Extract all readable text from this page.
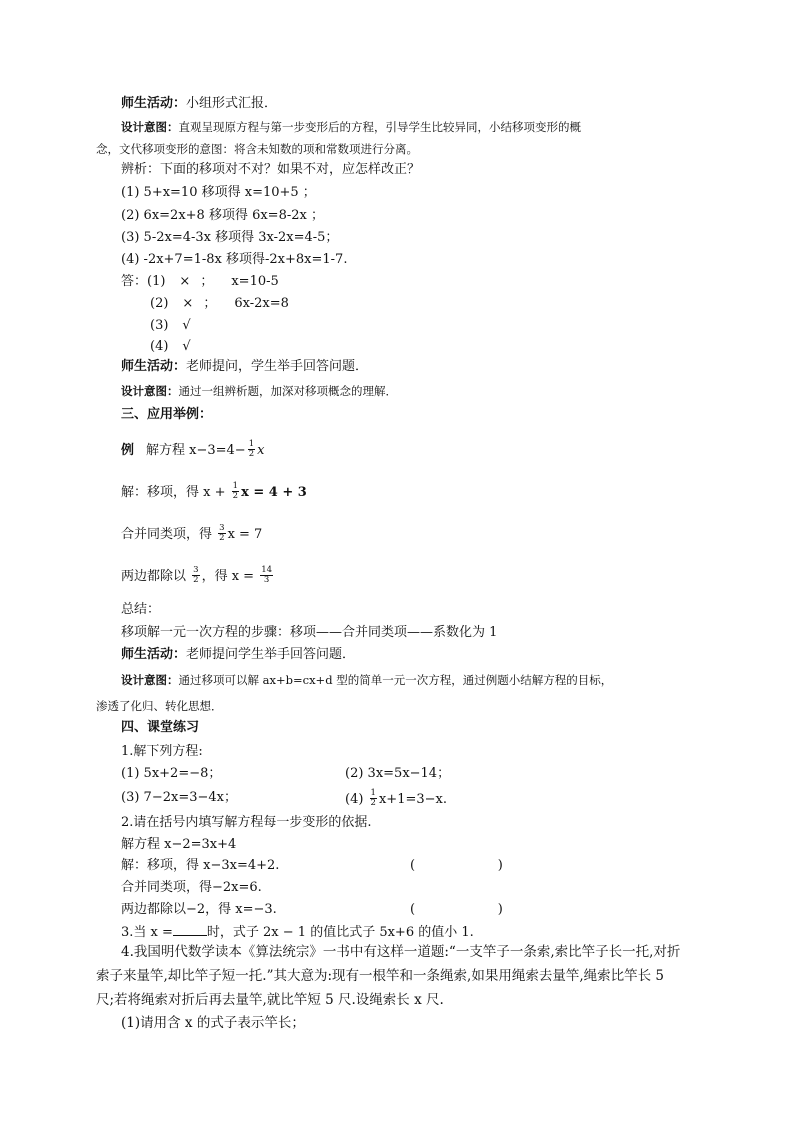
师生活动：小组形式汇报．
设计意图：直观呈现原方程与第一步变形后的方程，引导学生比较异同，小结移项变形的概
念，文代移项变形的意图：将含未知数的项和常数项进行分离。
辨析：下面的移项对不对？如果不对，应怎样改正？
(1) 5+x=10 移项得 x=10+5 ；
(2) 6x=2x+8 移项得 6x=8-2x ；
(3) 5-2x=4-3x 移项得 3x-2x=4-5；
(4) -2x+7=1-8x 移项得-2x+8x=1-7.
答：(1) × ； x=10-5
(2) × ； 6x-2x=8
(3) √
(4) √
师生活动：老师提问，学生举手回答问题．
设计意图：通过一组辨析题，加深对移项概念的理解．
三、应用举例：
例 解方程 $x-3=4- \frac{1}{2}$ x
解：移项，得 $x + \frac{1}{2}$ x = 4 + 3
合并同类项，得 $\frac{3}{2}$ x = 7
两边都除以 $\frac{3}{2}$ ，得 $x = \frac{14}{3}$
总结：
移项解一元一次方程的步骤：移项——合并同类项——系数化为 1
师生活动：老师提问学生举手回答问题．
设计意图：通过移项可以解 ax+b=cx+d 型的简单一元一次方程，通过例题小结解方程的目标，
渗透了化归、转化思想．
四、课堂练习
1.解下列方程:
(1) 5x+2=−8；	(2) 3x=5x−14；
(3) 7−2x=3−4x；	$(4) \frac{1}{2} x+1=3-x$.
2.请在括号内填写解方程每一步变形的依据.
解方程 x−2=3x+4
解：移项，得 x−3x=4+2.	(                    )
合并同类项，得−2x=6.
两边都除以−2，得 x=−3.	(                    )
3.当 x =	时，式子 2x − 1 的值比式子 5x+6 的值小 1.
4.我国明代数学读本《算法统宗》一书中有这样一道题:“一支竿子一条索,索比竿子长一托,对折
索子来量竿,却比竿子短一托.”其大意为:现有一根竿和一条绳索,如果用绳索去量竿,绳索比竿长 5
尺;若将绳索对折后再去量竿,就比竿短 5 尺.设绳索长 x 尺.
(1)请用含 x 的式子表示竿长；
